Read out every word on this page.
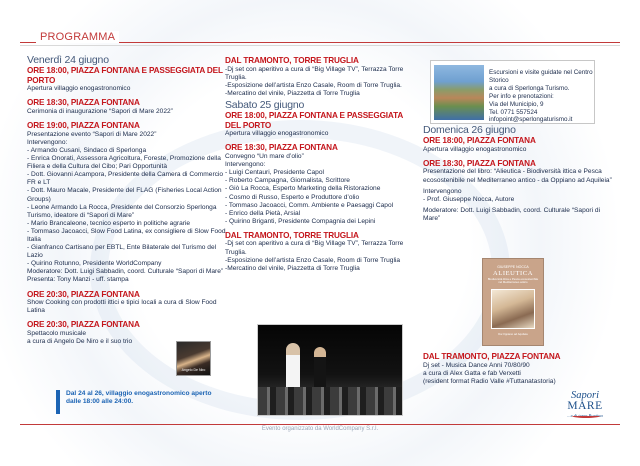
PROGRAMMA
Venerdì 24 giugno
ORE 18:00, PIAZZA FONTANA E PASSEGGIATA DEL PORTO
Apertura villaggio enogastronomico
ORE 18:30, PIAZZA FONTANA
Cerimonia di inaugurazione “Sapori di Mare 2022”
ORE 19:00, PIAZZA FONTANA
Presentazione evento “Sapori di Mare 2022”
Intervengono:
- Armando Cusani, Sindaco di Sperlonga
- Enrica Onorati, Assessora Agricoltura, Foreste, Promozione della Filiera e della Cultura del Cibo; Pari Opportunità
- Dott. Giovanni Acampora, Presidente della Camera di Commercio FR e LT
- Dott. Mauro Macale, Presidente del FLAG (Fisheries Local Action Groups)
- Leone Armando La Rocca, Presidente del Consorzio Sperlonga Turismo, ideatore di “Sapori di Mare”
- Mario Brancaleone, tecnico esperto in politiche agrarie
- Tommaso Jacoacci, Slow Food Latina, ex consigliere di Slow Food Italia
- Gianfranco Cartisano per EBTL, Ente Bilaterale del Turismo del Lazio
- Quirino Rotunno, Presidente WorldCompany
Moderatore: Dott. Luigi Sabbadin, coord. Culturale “Sapori di Mare”
Presenta: Tony Manzi - uff. stampa
ORE 20:30, PIAZZA FONTANA
Show Cooking con prodotti ittici e tipici locali a cura di Slow Food Latina
ORE 20:30, PIAZZA FONTANA
Spettacolo musicale
a cura di Angelo De Niro e il suo trio
Angelo De Niro
Dal 24 al 26, villaggio enogastronomico aperto dalle 18:00 alle 24:00.
DAL TRAMONTO, TORRE TRUGLIA
-Dj set con aperitivo a cura di “Big Village TV”, Terrazza Torre Truglia.
-Esposizione dell’artista Enzo Casale, Room di Torre Truglia.
-Mercatino del vinile, Piazzetta di Torre Truglia
Sabato 25 giugno
ORE 18:00, PIAZZA FONTANA E PASSEGGIATA DEL PORTO
Apertura villaggio enogastronomico
ORE 18:30, PIAZZA FONTANA
Convegno “Un mare d’olio”
Intervengono:
- Luigi Centauri, Presidente Capol
- Roberto Campagna, Giornalista, Scrittore
- Giò La Rocca, Esperto Marketing della Ristorazione
- Cosmo di Russo, Esperto e Produttore d’olio
- Tommaso Jacoacci, Comm. Ambiente e Paesaggi Capol
- Enrico della Pietà, Arsial
- Quirino Briganti, Presidente Compagnia dei Lepini
DAL TRAMONTO, TORRE TRUGLIA
-Dj set con aperitivo a cura di “Big Village TV”, Terrazza Torre Truglia.
-Esposizione dell’artista Enzo Casale, Room di Torre Truglia
-Mercatino del vinile, Piazzetta di Torre Truglia
Escursioni e visite guidate nel Centro Storico
a cura di Sperlonga Turismo.
Per info e prenotazioni:
Via del Municipio, 9
Tel. 0771 557524
infopoint@sperlongaturismo.it
Domenica 26 giugno
ORE 18:00, PIAZZA FONTANA
Apertura villaggio enogastronomico
ORE 18:30, PIAZZA FONTANA
Presentazione del libro: “Alieutica - Biodiversità ittica e Pesca ecosostenibile nel Mediterraneo antico - da Oppiano ad Aquileia”
Intervengono
- Prof. Giuseppe Nocca, Autore
Moderatore: Dott. Luigi Sabbadin, coord. Culturale “Sapori di Mare”
GIUSEPPE NOCCA
ALIEUTICA
Biodiversità ittica e Pesca ecosostenibile nel Mediterraneo antico
Da Oppiano ad Aquileia
DAL TRAMONTO, PIAZZA FONTANA
Dj set - Musica Dance Anni 70/80/90
a cura di Alex Gatta e fab Verxetti
(resident format Radio Valle #Tuttanatastoria)
Sapori
MARE
...e di terra Pontina
Evento organizzato da WorldCompany S.r.l.
